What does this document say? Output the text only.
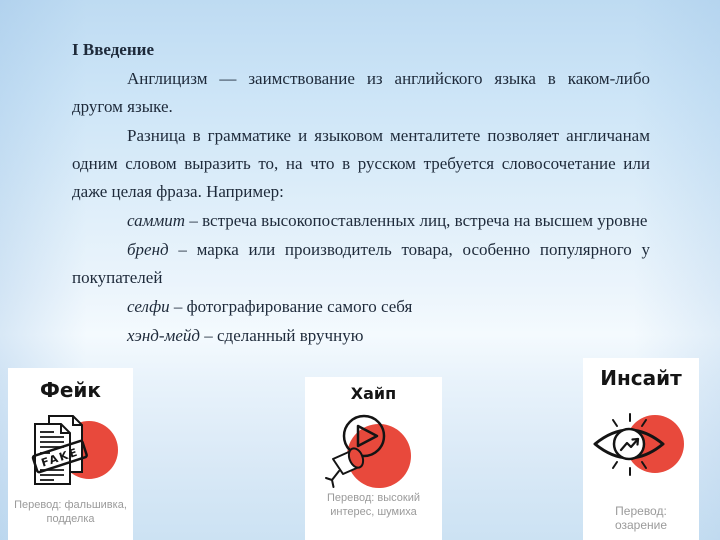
I Введение

Англицизм — заимствование из английского языка в каком-либо другом языке.

Разница в грамматике и языковом менталитете позволяет англичанам одним словом выразить то, на что в русском требуется словосочетание или даже целая фраза. Например:

саммит – встреча высокопоставленных лиц, встреча на высшем уровне

бренд – марка или производитель товара, особенно популярного у покупателей

селфи – фотографирование самого себя

хэнд-мейд – сделанный вручную

Фейк
FAKE
Перевод: фальшивка, подделка
Хайп
Перевод: высокий интерес, шумиха
Инсайт
Перевод: озарение
